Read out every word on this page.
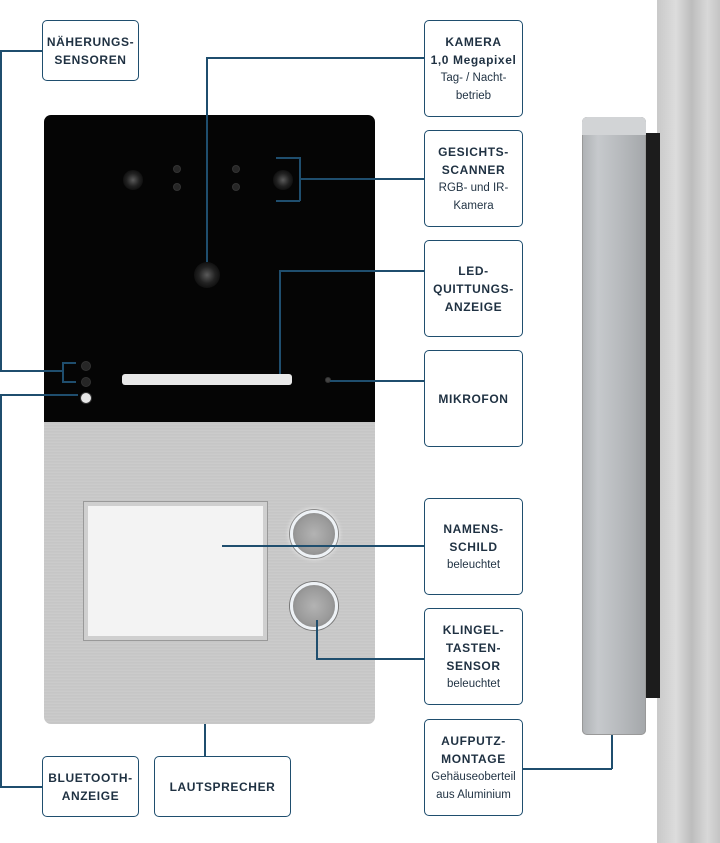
NÄHERUNGS-
SENSOREN
KAMERA
1,0 Megapixel
Tag- / Nacht-
betrieb
GESICHTS-
SCANNER
RGB- und IR-
Kamera
LED-
QUITTUNGS-
ANZEIGE
MIKROFON
NAMENS-
SCHILD
beleuchtet
KLINGEL-
TASTEN-
SENSOR
beleuchtet
AUFPUTZ-
MONTAGE
Gehäuseoberteil
aus Aluminium
BLUETOOTH-
ANZEIGE
LAUTSPRECHER
